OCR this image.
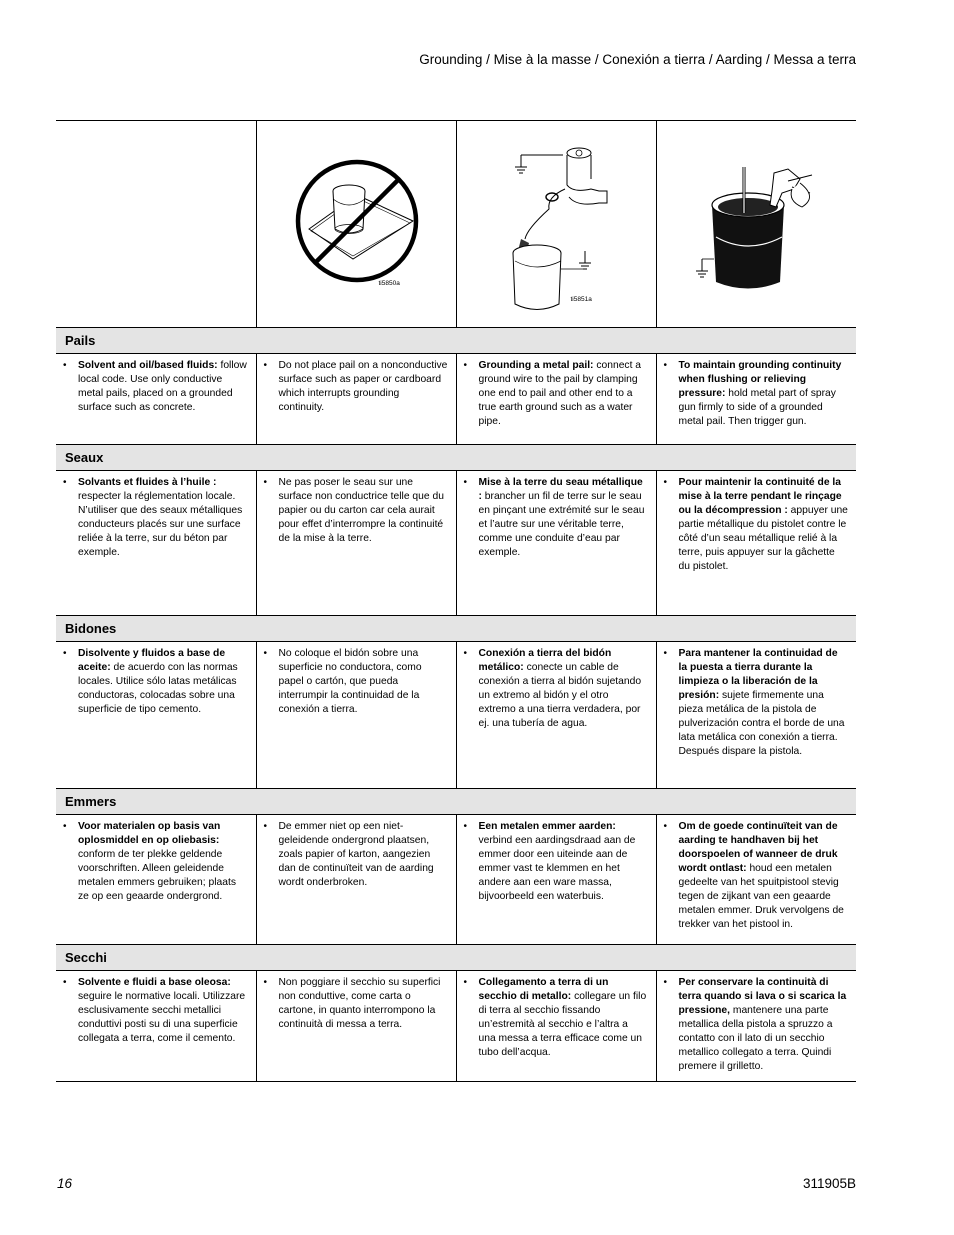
Grounding / Mise à la masse / Conexión a tierra / Aarding / Messa a terra

	ti5850a	ti5851a

Pails			

• Solvent and oil/based fluids: follow local code. Use only conductive metal pails, placed on a grounded surface such as concrete.	• Do not place pail on a nonconductive surface such as paper or cardboard which interrupts grounding continuity.	• Grounding a metal pail: connect a ground wire to the pail by clamping one end to pail and other end to a true earth ground such as a water pipe.	• To maintain grounding continuity when flushing or relieving pressure: hold metal part of spray gun firmly to side of a grounded metal pail. Then trigger gun.
Seaux			

• Solvants et fluides à l’huile : respecter la réglementation locale. N’utiliser que des seaux métalliques conducteurs placés sur une surface reliée à la terre, sur du béton par exemple.	• Ne pas poser le seau sur une surface non conductrice telle que du papier ou du carton car cela aurait pour effet d’interrompre la continuité de la mise à la terre.	• Mise à la terre du seau métallique : brancher un fil de terre sur le seau en pinçant une extrémité sur le seau et l’autre sur une véritable terre, comme une conduite d’eau par exemple.	• Pour maintenir la continuité de la mise à la terre pendant le rinçage ou la décompression : appuyer une partie métallique du pistolet contre le côté d’un seau métallique relié à la terre, puis appuyer sur la gâchette du pistolet.
Bidones			

• Disolvente y fluidos a base de aceite: de acuerdo con las normas locales. Utilice sólo latas metálicas conductoras, colocadas sobre una superficie de tipo cemento.	• No coloque el bidón sobre una superficie no conductora, como papel o cartón, que pueda interrumpir la continuidad de la conexión a tierra.	• Conexión a tierra del bidón metálico: conecte un cable de conexión a tierra al bidón sujetando un extremo al bidón y el otro extremo a una tierra verdadera, por ej. una tubería de agua.	• Para mantener la continuidad de la puesta a tierra durante la limpieza o la liberación de la presión: sujete firmemente una pieza metálica de la pistola de pulverización contra el borde de una lata metálica con conexión a tierra. Después dispare la pistola.
Emmers			

• Voor materialen op basis van oplosmiddel en op oliebasis: conform de ter plekke geldende voorschriften. Alleen geleidende metalen emmers gebruiken; plaats ze op een geaarde ondergrond.	• De emmer niet op een niet-geleidende ondergrond plaatsen, zoals papier of karton, aangezien dan de continuïteit van de aarding wordt onderbroken.	• Een metalen emmer aarden: verbind een aardingsdraad aan de emmer door een uiteinde aan de emmer vast te klemmen en het andere aan een ware massa, bijvoorbeeld een waterbuis.	• Om de goede continuïteit van de aarding te handhaven bij het doorspoelen of wanneer de druk wordt ontlast: houd een metalen gedeelte van het spuitpistool stevig tegen de zijkant van een geaarde metalen emmer. Druk vervolgens de trekker van het pistool in.
Secchi			

• Solvente e fluidi a base oleosa: seguire le normative locali. Utilizzare esclusivamente secchi metallici conduttivi posti su di una superficie collegata a terra, come il cemento.	• Non poggiare il secchio su superfici non conduttive, come carta o cartone, in quanto interrompono la continuità di messa a terra.	• Collegamento a terra di un secchio di metallo: collegare un filo di terra al secchio fissando un’estremità al secchio e l’altra a una messa a terra efficace come un tubo dell’acqua.	• Per conservare la continuità di terra quando si lava o si scarica la pressione, mantenere una parte metallica della pistola a spruzzo a contatto con il lato di un secchio metallico collegato a terra. Quindi premere il grilletto.

16	311905B
